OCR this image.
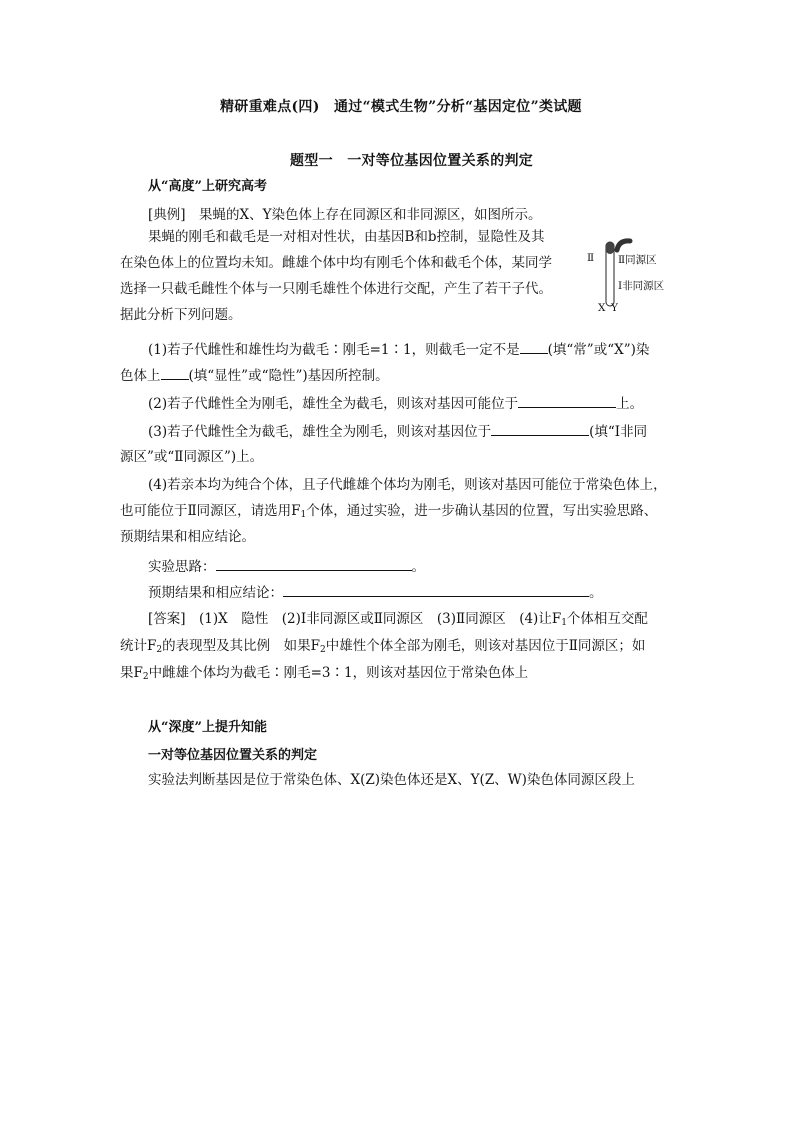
精研重难点(四)　通过“模式生物”分析“基因定位”类试题
题型一　一对等位基因位置关系的判定
从“高度”上研究高考
[典例]　果蝇的X、Y染色体上存在同源区和非同源区，如图所示。
果蝇的刚毛和截毛是一对相对性状，由基因B和b控制，显隐性及其
在染色体上的位置均未知。雌雄个体中均有刚毛个体和截毛个体，某同学
选择一只截毛雌性个体与一只刚毛雄性个体进行交配，产生了若干子代。
据此分析下列问题。
Ⅱ Ⅱ同源区
Ⅰ非同源区
X Y
(1)若子代雌性和雄性均为截毛∶刚毛=1∶1，则截毛一定不是 (填“常”或“X”)染
色体上 (填“显性”或“隐性”)基因所控制。
(2)若子代雌性全为刚毛，雄性全为截毛，则该对基因可能位于	上。
(3)若子代雌性全为截毛，雄性全为刚毛，则该对基因位于	(填“Ⅰ非同
源区”或“Ⅱ同源区”)上。
(4)若亲本均为纯合个体，且子代雌雄个体均为刚毛，则该对基因可能位于常染色体上，
也可能位于Ⅱ同源区，请选用$F_1$个体，通过实验，进一步确认基因的位置，写出实验思路、
预期结果和相应结论。
实验思路：	。
预期结果和相应结论：	。
[答案]　(1)X　隐性　(2)Ⅰ非同源区或Ⅱ同源区　(3)Ⅱ同源区　(4)让$F_1$个体相互交配
统计$F_2$的表现型及其比例　如果$F_2$中雄性个体全部为刚毛，则该对基因位于Ⅱ同源区；如
果$F_2$中雌雄个体均为截毛∶刚毛=3∶1，则该对基因位于常染色体上
从“深度”上提升知能
一对等位基因位置关系的判定
实验法判断基因是位于常染色体、X(Z)染色体还是X、Y(Z、W)染色体同源区段上
